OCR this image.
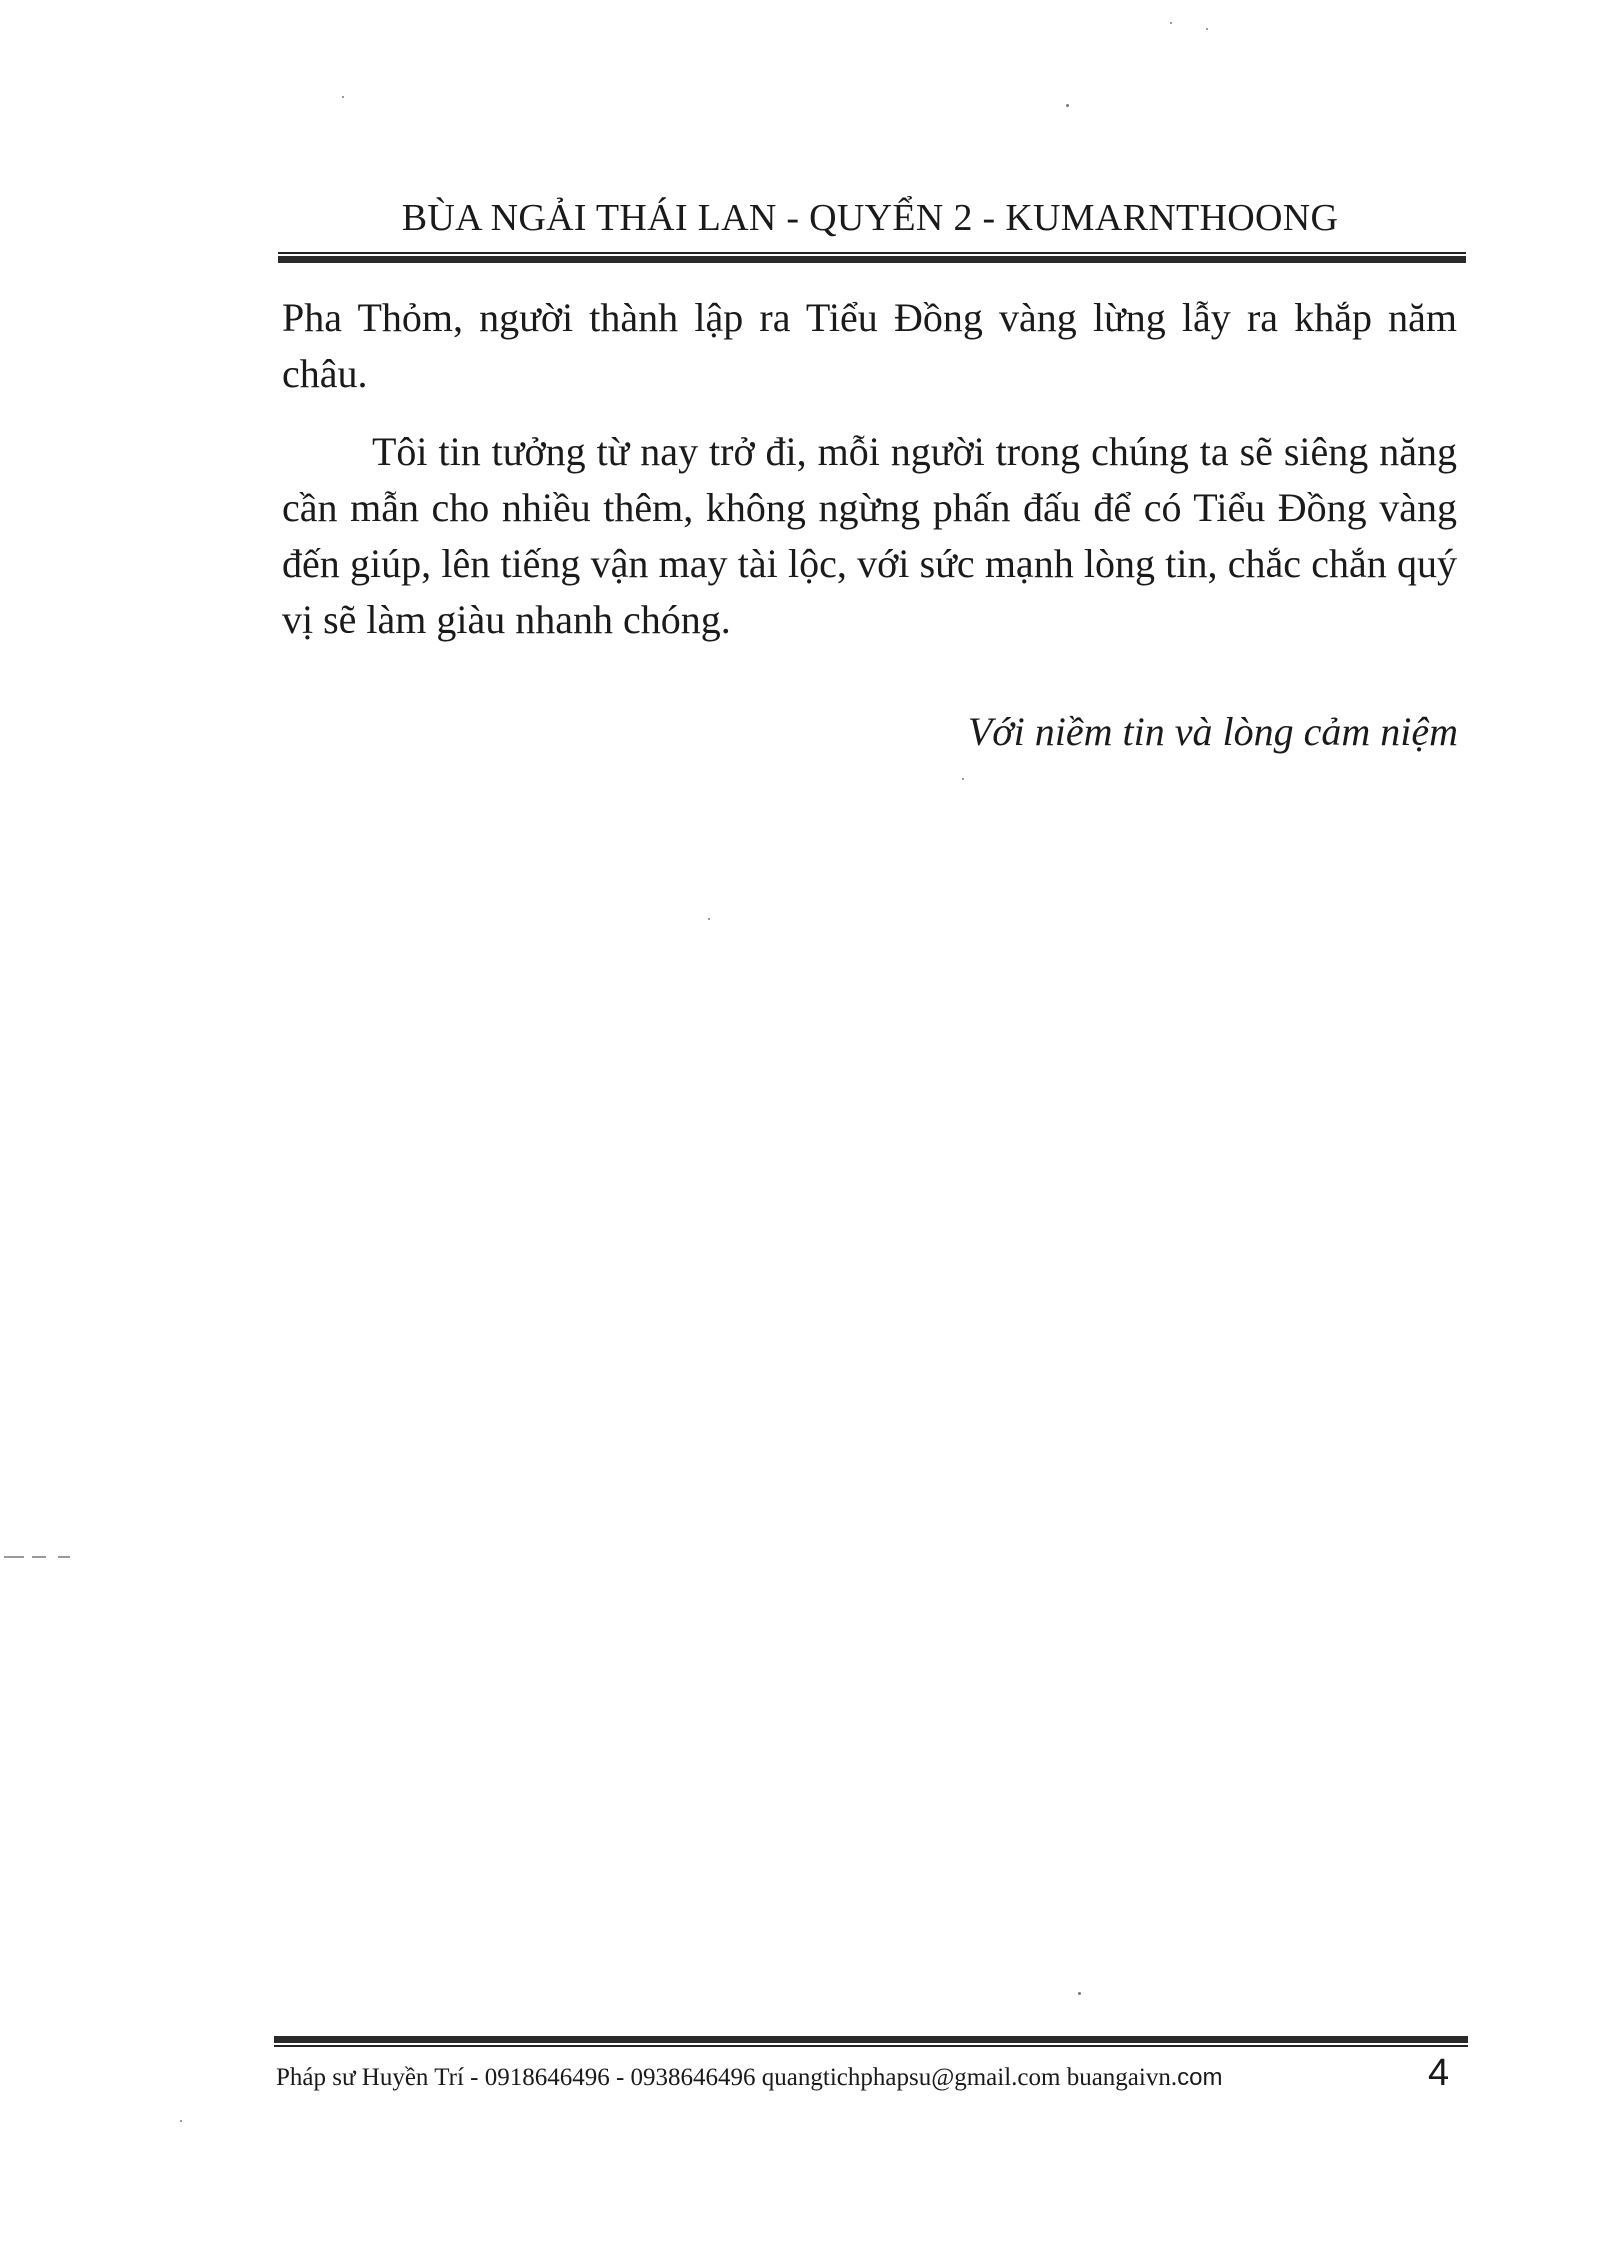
BÙA NGẢI THÁI LAN - QUYỂN 2 - KUMARNTHOONG

Pha Thỏm, người thành lập ra Tiểu Đồng vàng lừng lẫy ra khắp năm châu.

Tôi tin tưởng từ nay trở đi, mỗi người trong chúng ta sẽ siêng năng cần mẫn cho nhiều thêm, không ngừng phấn đấu để có Tiểu Đồng vàng đến giúp, lên tiếng vận may tài lộc, với sức mạnh lòng tin, chắc chắn quý vị sẽ làm giàu nhanh chóng.

Với niềm tin và lòng cảm niệm
Pháp sư Huyền Trí - 0918646496 - 0938646496 quangtichphapsu@gmail.com buangaivn.com	4
